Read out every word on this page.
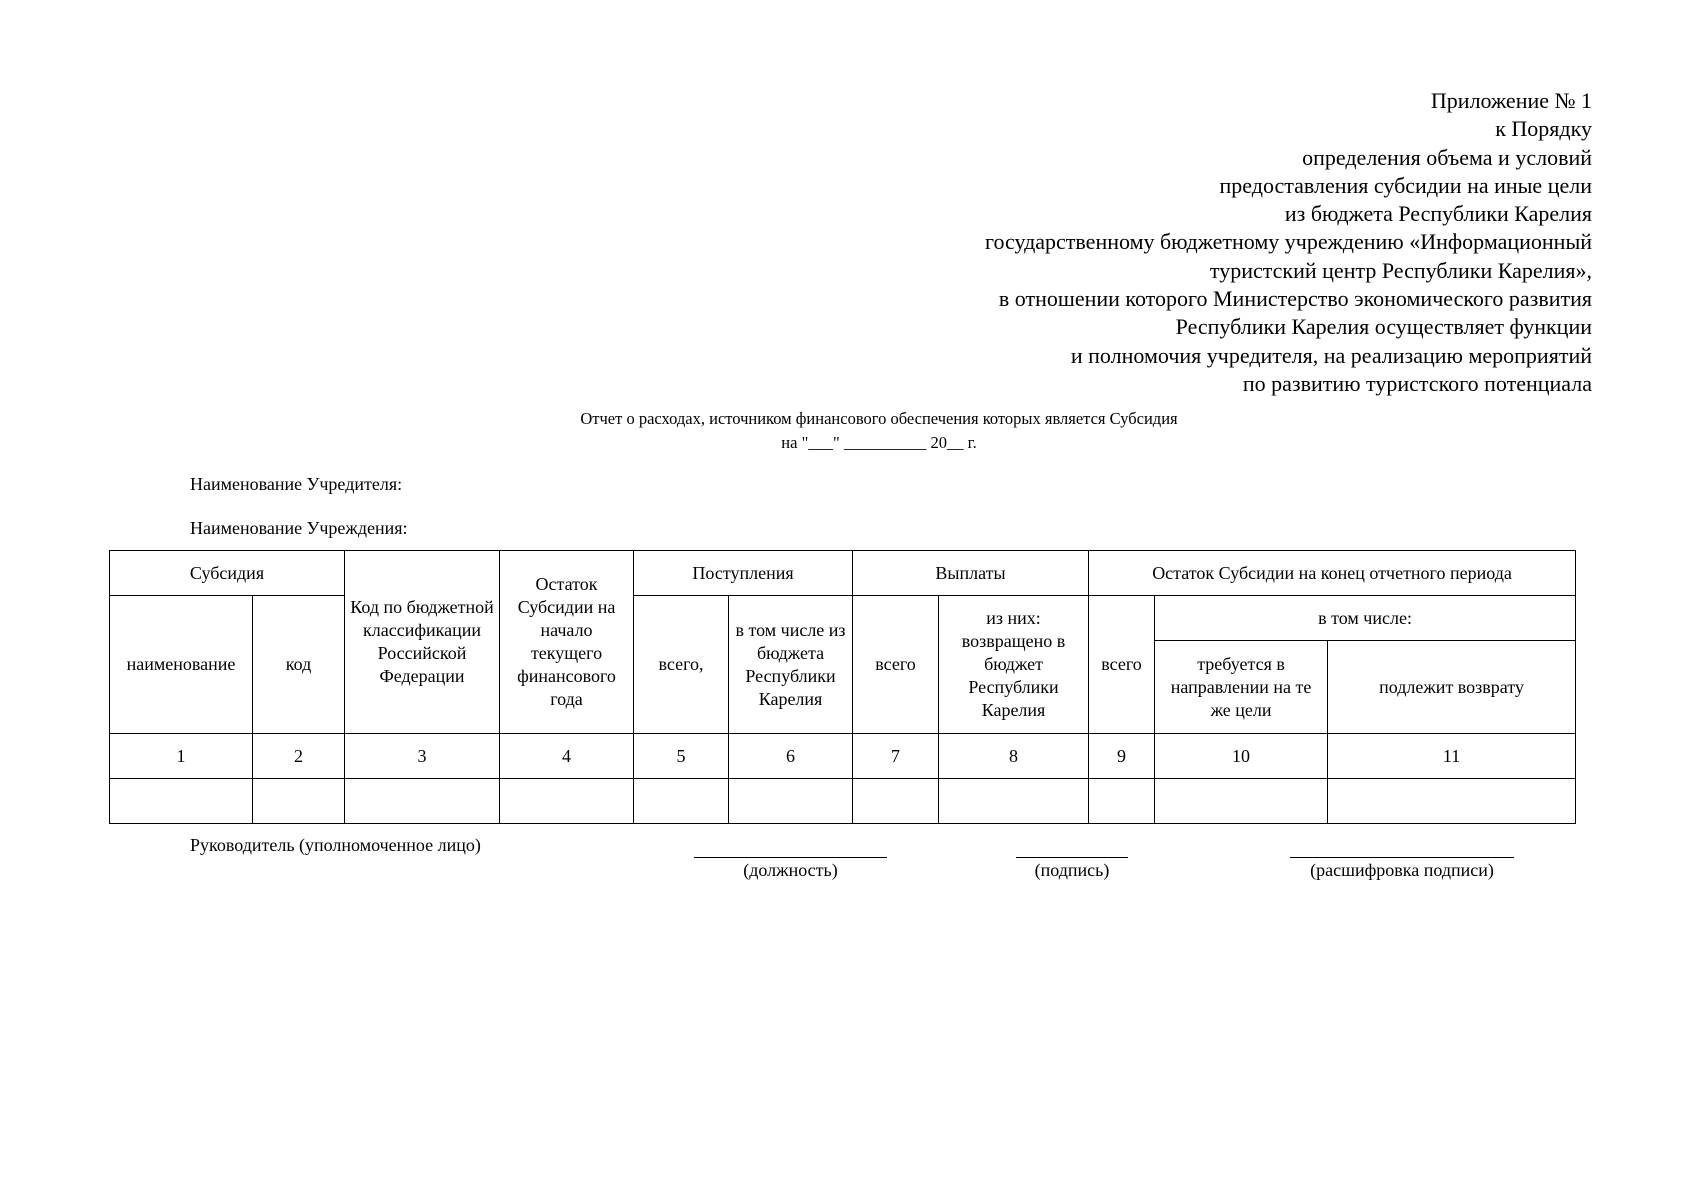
Приложение № 1
к Порядку
определения объема и условий
предоставления субсидии на иные цели
из бюджета Республики Карелия
государственному бюджетному учреждению «Информационный
туристский центр Республики Карелия»,
в отношении которого Министерство экономического развития
Республики Карелия осуществляет функции
и полномочия учредителя, на реализацию мероприятий
по развитию туристского потенциала
Отчет о расходах, источником финансового обеспечения которых является Субсидия
на "___" __________ 20__ г.
Наименование Учредителя:
Наименование Учреждения:
Субсидия		Код по бюджетной классификации Российской Федерации	Остаток Субсидии на начало текущего финансового года	Поступления		Выплаты		Остаток Субсидии на конец отчетного периода		
наименование	код			всего,	в том числе из бюджета Республики Карелия	всего	из них: возвращено в бюджет Республики Карелия	всего	в том числе:	
									требуется в направлении на те же цели	подлежит возврату
1	2	3	4	5	6	7	8	9	10	11

Руководитель (уполномоченное лицо)
(должность)	(подпись)	(расшифровка подписи)
